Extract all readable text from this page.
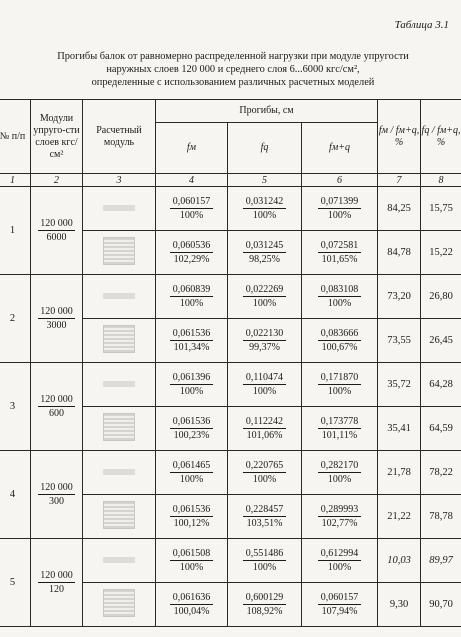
Таблица 3.1
Прогибы балок от равномерно распределенной нагрузки при модуле упругости
наружных слоев 120 000 и среднего слоя 6...6000 кгс/см²,
определенные с использованием различных расчетных моделей
№ п/п	Модули упруго-сти слоев кгс/см²	Расчетный модуль	Прогибы, см			fм / fм+q, %	fq / fм+q, %
			fм	fq	fм+q		
1	2	3	4	5	6	7	8
1	$\frac{120 000}{6000}$		$\frac{0,060157}{100\%}$	$\frac{0,031242}{100\%}$	$\frac{0,071399}{100\%}$	84,25	15,75

			$\frac{0,060536}{102,29\%}$	$\frac{0,031245}{98,25\%}$	$\frac{0,072581}{101,65\%}$	84,78	15,22
2	$\frac{120 000}{3000}$		$\frac{0,060839}{100\%}$	$\frac{0,022269}{100\%}$	$\frac{0,083108}{100\%}$	73,20	26,80

			$\frac{0,061536}{101,34\%}$	$\frac{0,022130}{99,37\%}$	$\frac{0,083666}{100,67\%}$	73,55	26,45
3	$\frac{120 000}{600}$		$\frac{0,061396}{100\%}$	$\frac{0,110474}{100\%}$	$\frac{0,171870}{100\%}$	35,72	64,28

			$\frac{0,061536}{100,23\%}$	$\frac{0,112242}{101,06\%}$	$\frac{0,173778}{101,11\%}$	35,41	64,59
4	$\frac{120 000}{300}$		$\frac{0,061465}{100\%}$	$\frac{0,220765}{100\%}$	$\frac{0,282170}{100\%}$	21,78	78,22

			$\frac{0,061536}{100,12\%}$	$\frac{0,228457}{103,51\%}$	$\frac{0,289993}{102,77\%}$	21,22	78,78
5	$\frac{120 000}{120}$		$\frac{0,061508}{100\%}$	$\frac{0,551486}{100\%}$	$\frac{0,612994}{100\%}$	10,03	89,97

			$\frac{0,061636}{100,04\%}$	$\frac{0,600129}{108,92\%}$	$\frac{0,060157}{107,94\%}$	9,30	90,70
